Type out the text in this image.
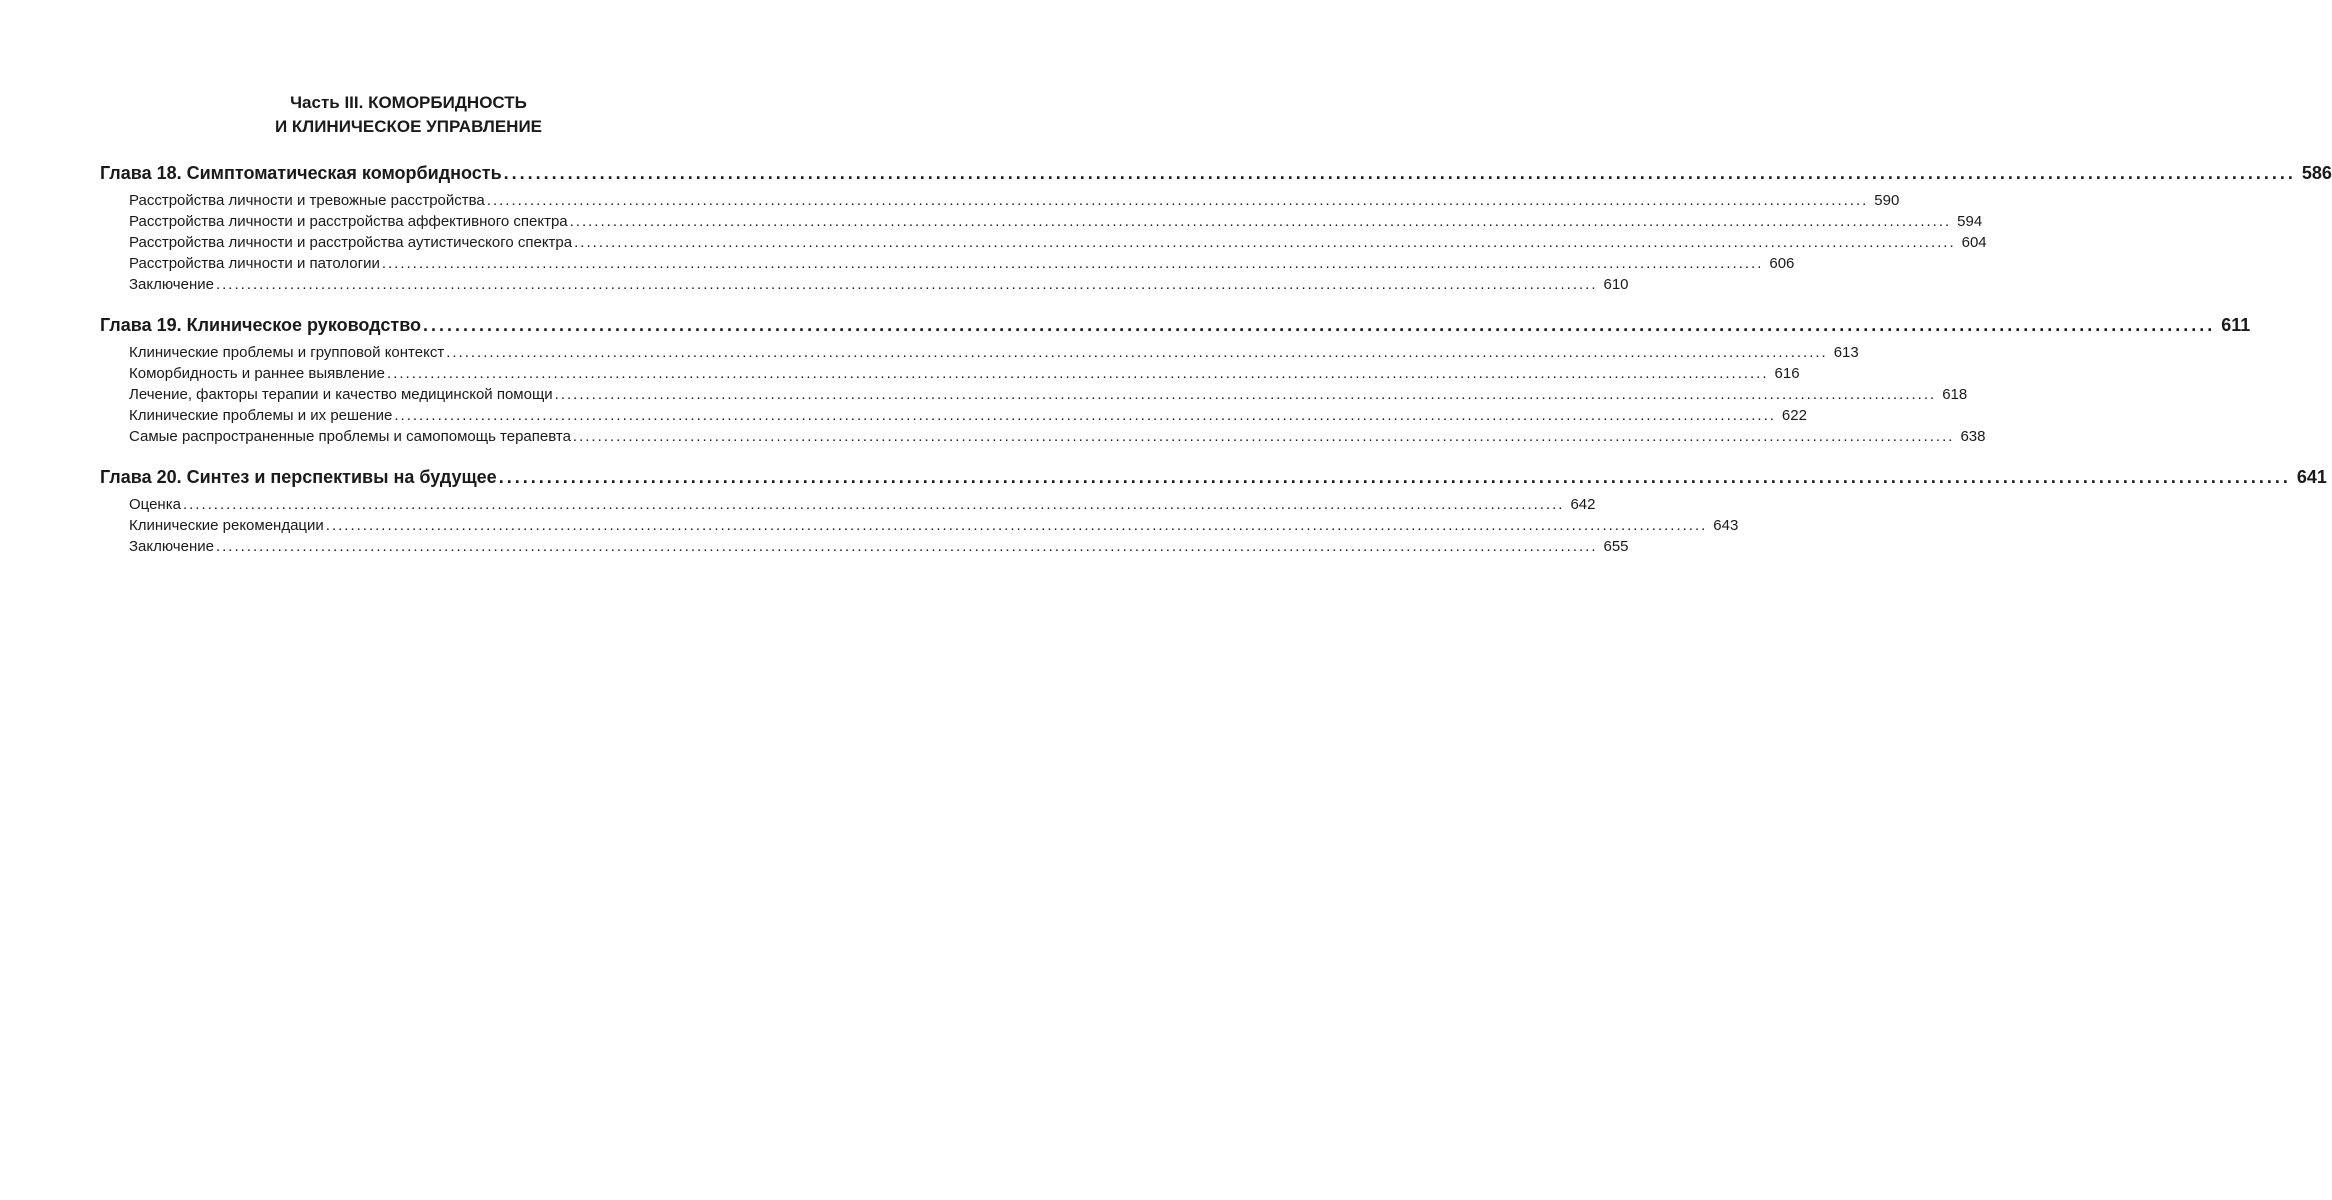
Часть III. КОМОРБИДНОСТЬ
И КЛИНИЧЕСКОЕ УПРАВЛЕНИЕ
Глава 18. Симптоматическая коморбидность .....	586
Расстройства личности и тревожные расстройства .....	590
Расстройства личности и расстройства аффективного спектра .....	594
Расстройства личности и расстройства аутистического спектра .....	604
Расстройства личности и патологии .....	606
Заключение .....	610
Глава 19. Клиническое руководство .....	611
Клинические проблемы и групповой контекст .....	613
Коморбидность и раннее выявление .....	616
Лечение, факторы терапии и качество медицинской помощи .....	618
Клинические проблемы и их решение .....	622
Самые распространенные проблемы и самопомощь терапевта .....	638
Глава 20. Синтез и перспективы на будущее .....	641
Оценка .....	642
Клинические рекомендации .....	643
Заключение .....	655
